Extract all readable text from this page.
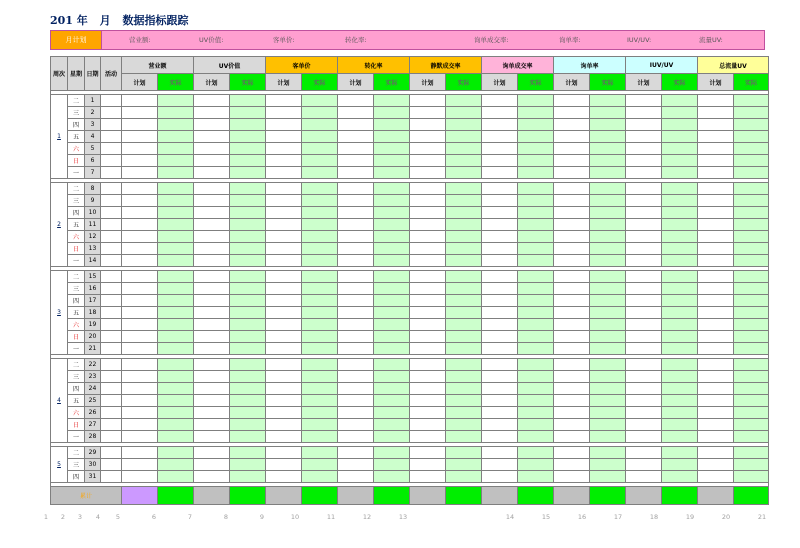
201 年 月 数据指标跟踪
月计划	营业额:	UV价值:	客单价:	转化率:	询单成交率:	询单率:	IUV/UV:	流量UV:
周次	星期	日期	活动	营业额		UV价值		客单价		转化率		静默成交率		询单成交率		询单率		IUV/UV		总流量UV	
				计划	实际	计划	实际	计划	实际	计划	实际	计划	实际	计划	实际	计划	实际	计划	实际	计划	实际

1	二	1																			
	三	2																			
	四	3																			
	五	4																			
	六	5																			
	日	6																			
	一	7																			

2	二	8																			
	三	9																			
	四	10																			
	五	11																			
	六	12																			
	日	13																			
	一	14																			

3	二	15																			
	三	16																			
	四	17																			
	五	18																			
	六	19																			
	日	20																			
	一	21																			

4	二	22																			
	三	23																			
	四	24																			
	五	25																			
	六	26																			
	日	27																			
	一	28																			

5	二	29																			
	三	30																			
	四	31																			

累计																					
1 2 3 4 5	6	7	8	9	10	11	12	13	14	15	16	17	18	19	20	21
